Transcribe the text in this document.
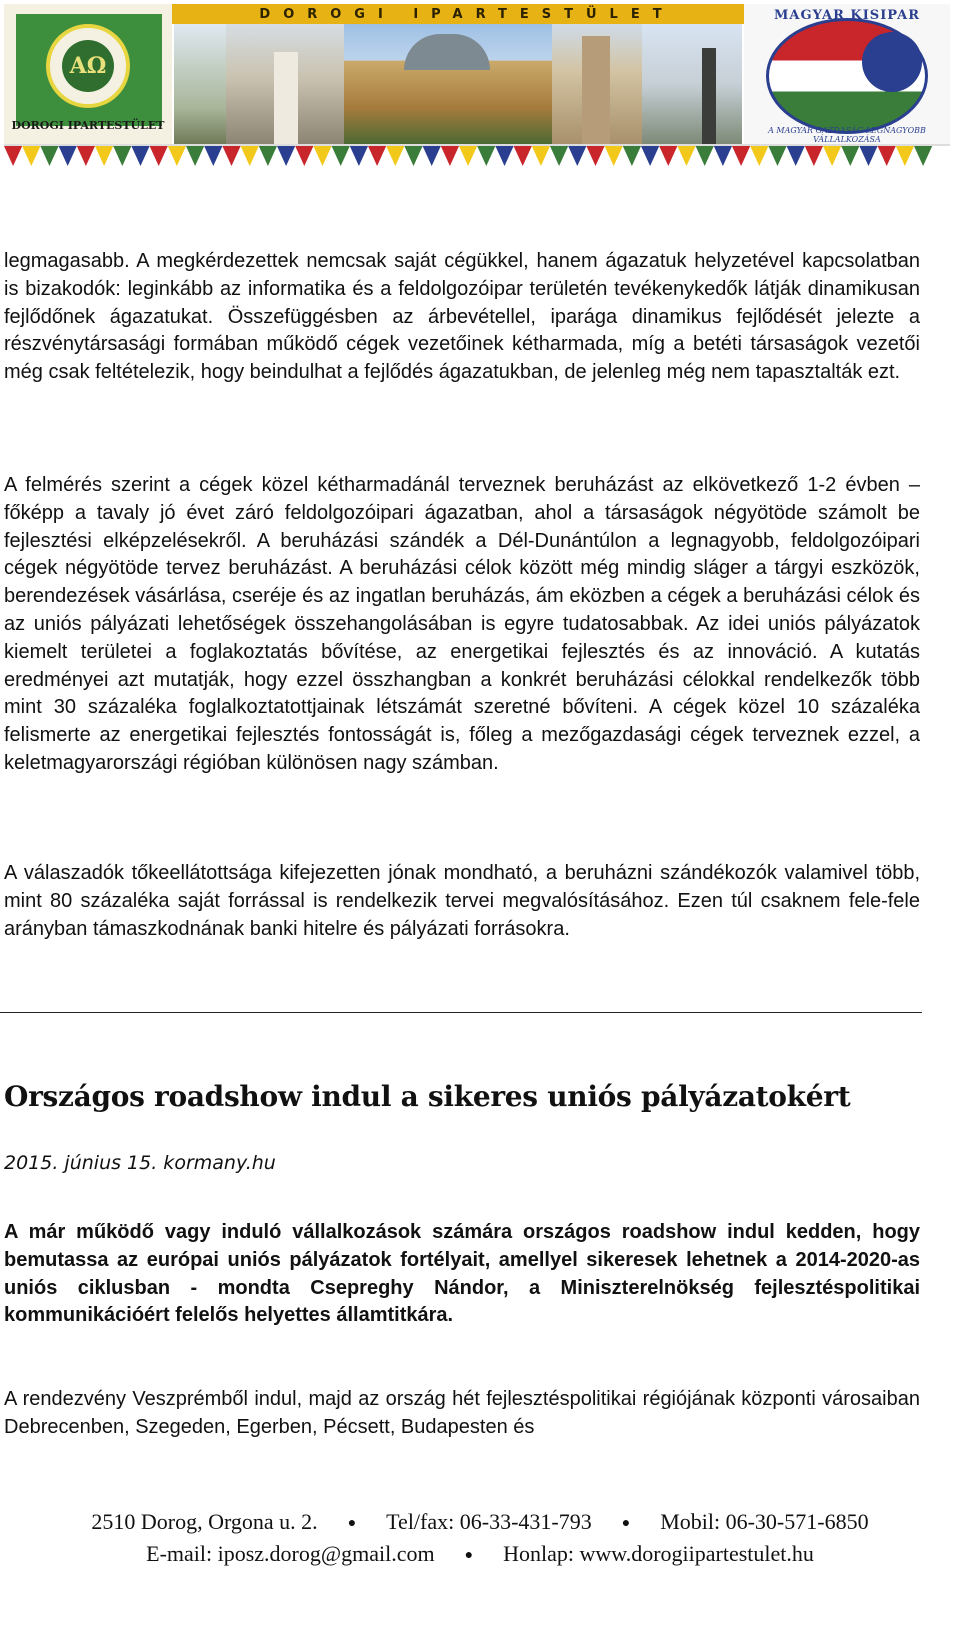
ΑΩ
DOROGI IPARTESTÜLET
DOROGI IPARTESTÜLET	MAGYAR KISIPAR
A MAGYAR GAZDASÁG LEGNAGYOBB VÁLLALKOZÁSA

legmagasabb. A megkérdezettek nemcsak saját cégükkel, hanem ágazatuk helyzetével kapcsolatban is bizakodók: leginkább az informatika és a feldolgozóipar területén tevékenykedők látják dinamikusan fejlődőnek ágazatukat. Összefüggésben az árbevétellel, iparága dinamikus fejlődését jelezte a részvénytársasági formában működő cégek vezetőinek kétharmada, míg a betéti társaságok vezetői még csak feltételezik, hogy beindulhat a fejlődés ágazatukban, de jelenleg még nem tapasztalták ezt.

A felmérés szerint a cégek közel kétharmadánál terveznek beruházást az elkövetkező 1-2 évben – főképp a tavaly jó évet záró feldolgozóipari ágazatban, ahol a társaságok négyötöde számolt be fejlesztési elképzelésekről. A beruházási szándék a Dél-Dunántúlon a legnagyobb, feldolgozóipari cégek négyötöde tervez beruházást. A beruházási célok között még mindig sláger a tárgyi eszközök, berendezések vásárlása, cseréje és az ingatlan beruházás, ám eközben a cégek a beruházási célok és az uniós pályázati lehetőségek összehangolásában is egyre tudatosabbak. Az idei uniós pályázatok kiemelt területei a foglakoztatás bővítése, az energetikai fejlesztés és az innováció. A kutatás eredményei azt mutatják, hogy ezzel összhangban a konkrét beruházási célokkal rendelkezők több mint 30 százaléka foglalkoztatottjainak létszámát szeretné bővíteni. A cégek közel 10 százaléka felismerte az energetikai fejlesztés fontosságát is, főleg a mezőgazdasági cégek terveznek ezzel, a keletmagyarországi régióban különösen nagy számban.

A válaszadók tőkeellátottsága kifejezetten jónak mondható, a beruházni szándékozók valamivel több, mint 80 százaléka saját forrással is rendelkezik tervei megvalósításához. Ezen túl csaknem fele-fele arányban támaszkodnának banki hitelre és pályázati forrásokra.

Országos roadshow indul a sikeres uniós pályázatokért
2015. június 15. kormany.hu

A már működő vagy induló vállalkozások számára országos roadshow indul kedden, hogy bemutassa az európai uniós pályázatok fortélyait, amellyel sikeresek lehetnek a 2014-2020-as uniós ciklusban - mondta Csepreghy Nándor, a Miniszterelnökség fejlesztéspolitikai kommunikációért felelős helyettes államtitkára.

A rendezvény Veszprémből indul, majd az ország hét fejlesztéspolitikai régiójának központi városaiban Debrecenben, Szegeden, Egerben, Pécsett, Budapesten és

2510 Dorog, Orgona u. 2. ● Tel/fax: 06-33-431-793 ● Mobil: 06-30-571-6850
E-mail: iposz.dorog@gmail.com ● Honlap: www.dorogiipartestulet.hu
